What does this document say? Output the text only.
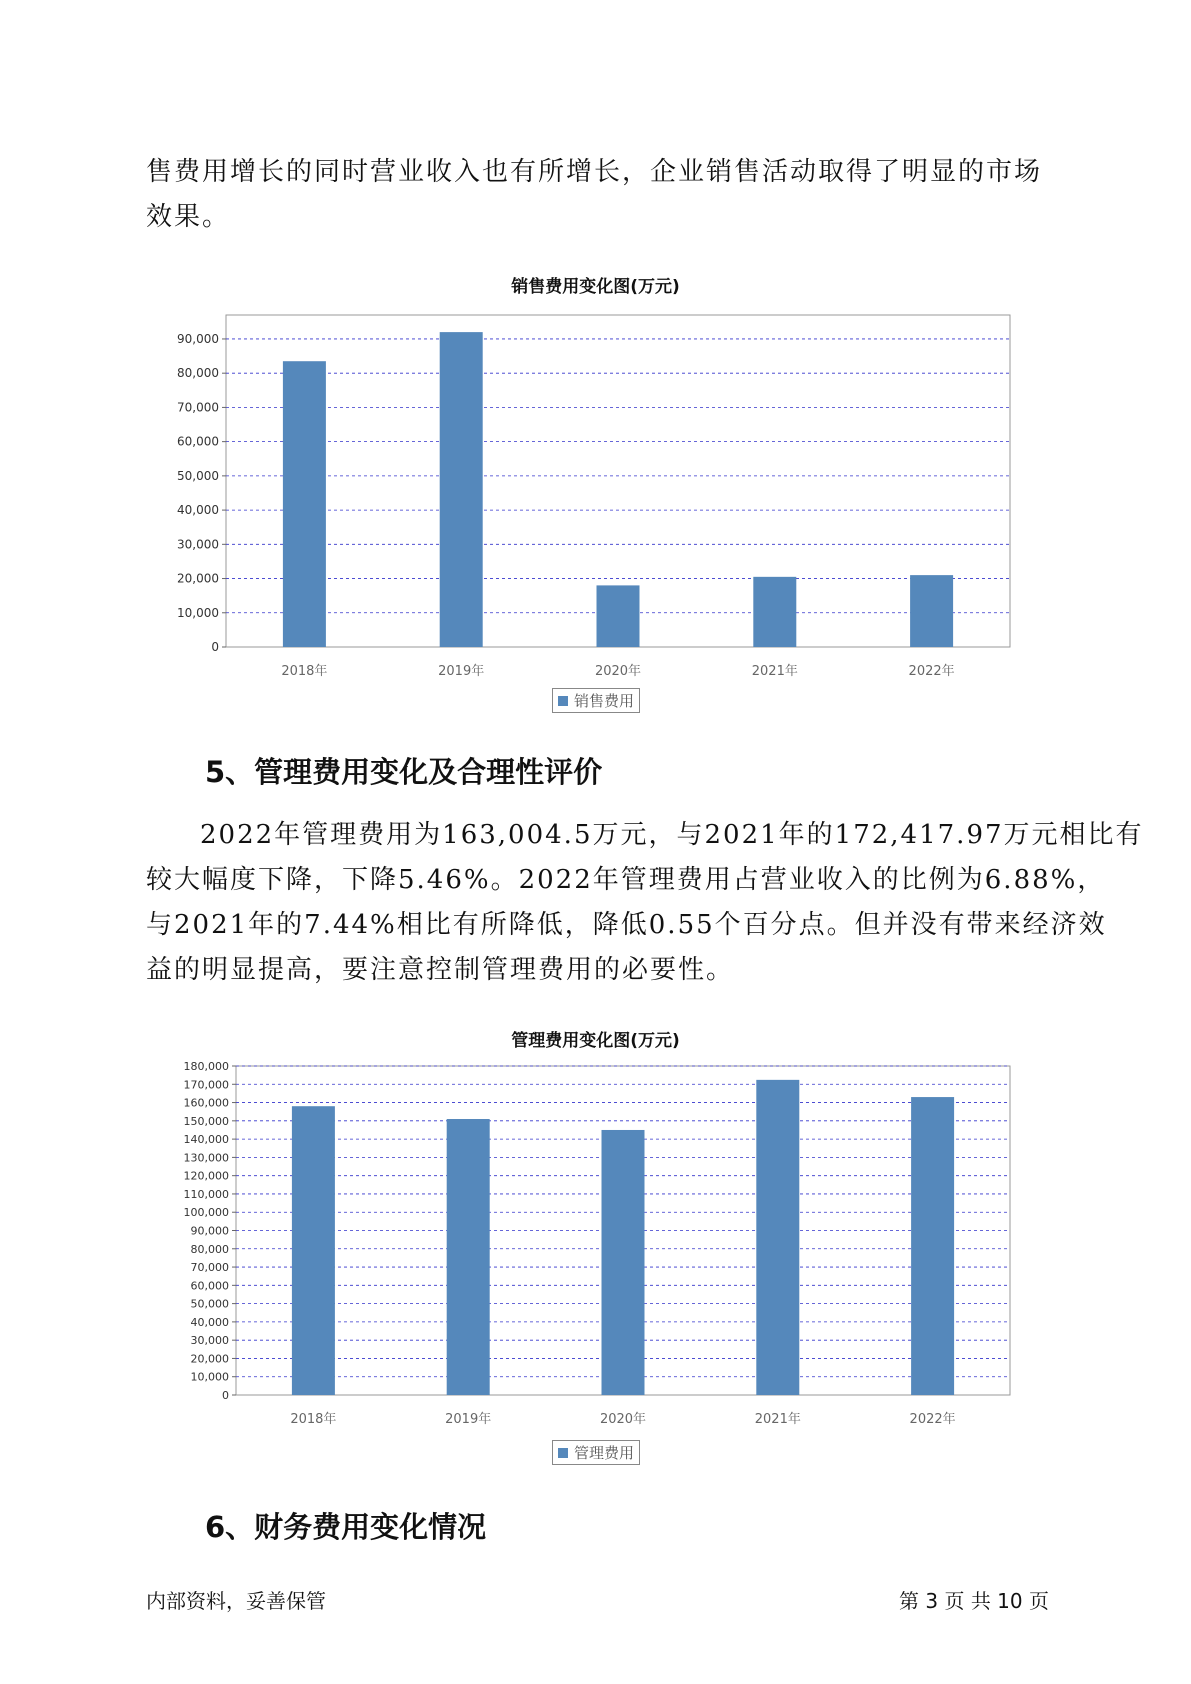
售费用增长的同时营业收入也有所增长，企业销售活动取得了明显的市场
效果。

销售费用变化图(万元)
0
10,000
20,000
30,000
40,000
50,000
60,000
70,000
80,000
90,000
2018年	2019年	2020年	2021年	2022年
销售费用
5、管理费用变化及合理性评价

2022年管理费用为163,004.5万元，与2021年的172,417.97万元相比有
较大幅度下降，下降5.46%。2022年管理费用占营业收入的比例为6.88%，
与2021年的7.44%相比有所降低，降低0.55个百分点。但并没有带来经济效
益的明显提高，要注意控制管理费用的必要性。

管理费用变化图(万元)
0
10,000
20,000
30,000
40,000
50,000
60,000
70,000
80,000
90,000
100,000
110,000
120,000
130,000
140,000
150,000
160,000
170,000
180,000
2018年	2019年	2020年	2021年	2022年
管理费用
6、财务费用变化情况
内部资料，妥善保管	第 3 页 共 10 页
